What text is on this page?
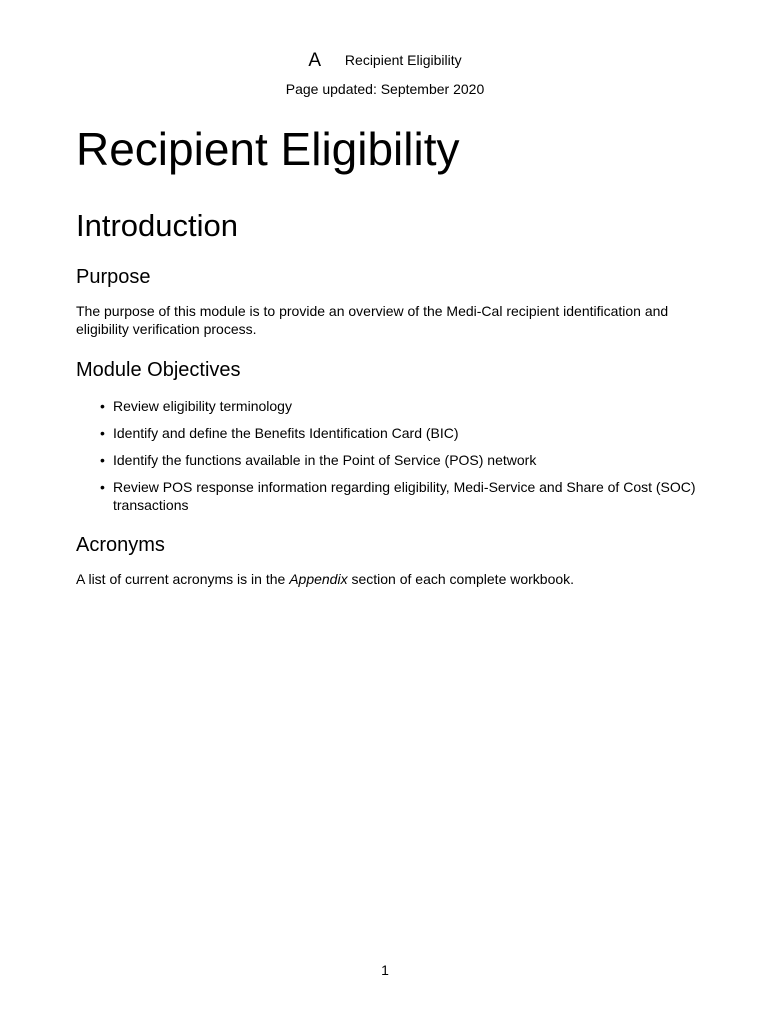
A Recipient Eligibility
Page updated: September 2020
Recipient Eligibility
Introduction
Purpose

The purpose of this module is to provide an overview of the Medi-Cal recipient identification and eligibility verification process.

Module Objectives
• Review eligibility terminology
• Identify and define the Benefits Identification Card (BIC)
• Identify the functions available in the Point of Service (POS) network
• Review POS response information regarding eligibility, Medi-Service and Share of Cost (SOC) transactions
Acronyms

A list of current acronyms is in the Appendix section of each complete workbook.

1
